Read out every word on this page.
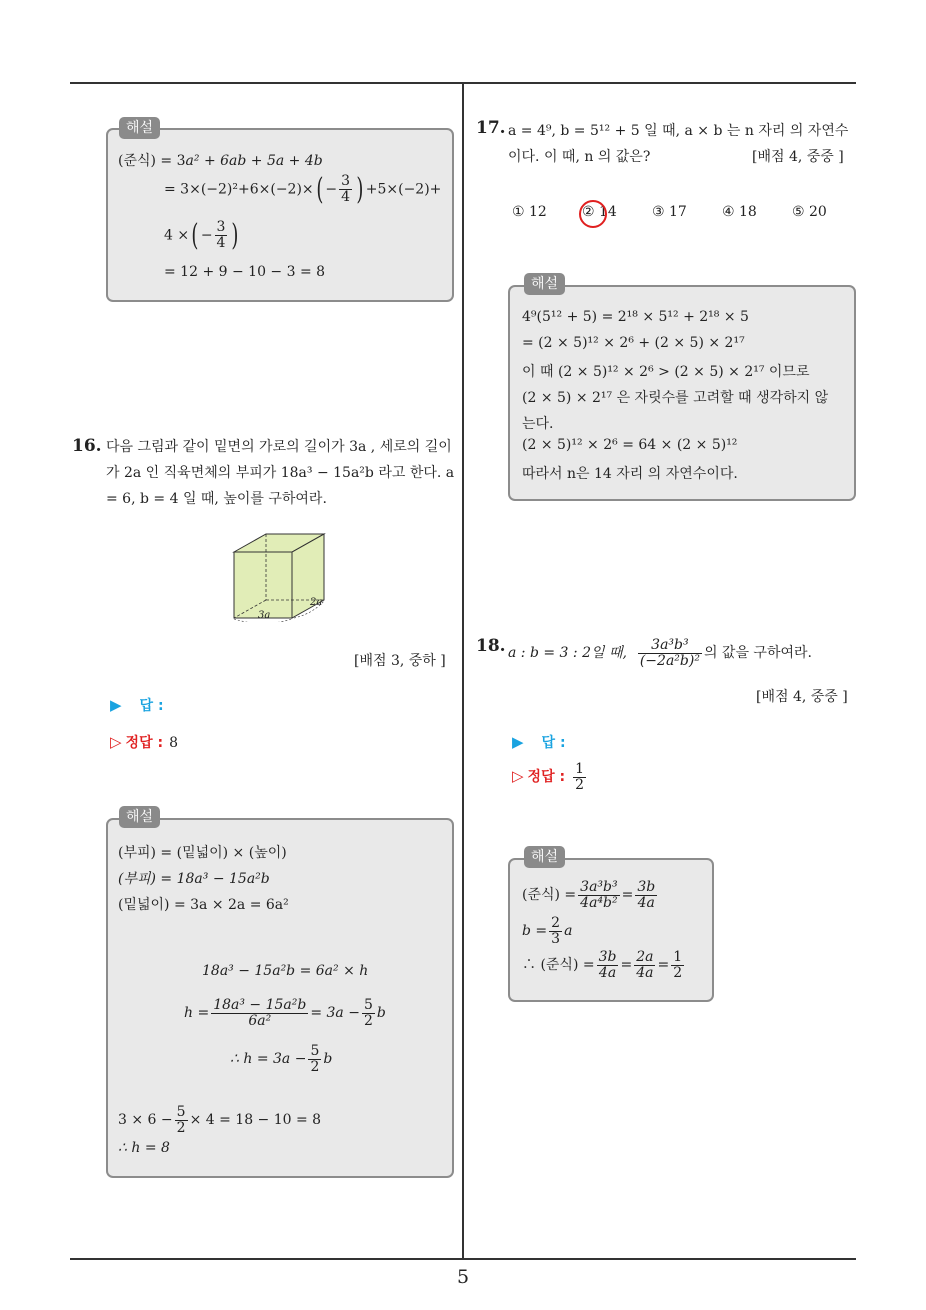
5
(준식) = 3a² + 6ab + 5a + 4b
= $3\times(-2)^2+6\times(-2)\times( - \frac{3}{4}$ ) +5×(−2)+
4 ×( − $\frac{3}{4}$ )
= 12 + 9 − 10 − 3 = 8
해설
16. 다음 그림과 같이 밑면의 가로의 길이가 3a , 세로의 길이가 2a 인 직육면체의 부피가 18a³ − 15a²b 라고 한다. a = 6, b = 4 일 때, 높이를 구하여라.
3a
2a
[배점 3, 중하 ]
▶ 답 :
▷ 정답 : 8
(부피) = (밑넓이) × (높이)
(부피) = 18a³ − 15a²b
(밑넓이) = 3a × 2a = 6a²
18a³ − 15a²b = 6a² × h
$h = \frac{\text{18a³ − 15a²b}}{\text{6a²}} = 3a - \frac{5}{2}$ b
∴ $h = 3a - \frac{5}{2}$ b
$3 \times 6 - \frac{5}{2} \times 4 = 18 - 10 = 8$
∴ h = 8
해설
17. a = 4⁹, b = 5¹² + 5 일 때, a × b 는 n 자리 의 자연수
이다. 이 때, n 의 값은?	[배점 4, 중중 ]
① 12	② 14	③ 17	④ 18	⑤ 20
4⁹(5¹² + 5) = 2¹⁸ × 5¹² + 2¹⁸ × 5
= (2 × 5)¹² × 2⁶ + (2 × 5) × 2¹⁷
이 때 (2 × 5)¹² × 2⁶ > (2 × 5) × 2¹⁷ 이므로
(2 × 5) × 2¹⁷ 은 자릿수를 고려할 때 생각하지 않
는다.
(2 × 5)¹² × 2⁶ = 64 × (2 × 5)¹²
따라서 n은 14 자리 의 자연수이다.
해설
18. a : b = 3 : 2일 때, $\frac{\text{3a³b³}}{\text{(−2a²b)²}}$ 의 값을 구하여라.
[배점 4, 중중 ]
▶ 답 :
▷ 정답 : $\frac{1}{2}$
(준식) = $\frac{\text{3a³b³}}{\text{4a⁴b²}} = \frac{3b}{4a}$
$b = \frac{2}{3}$ a
∴ (준식) = $\frac{3b}{4a} = \frac{2a}{4a} = \frac{1}{2}$
해설
